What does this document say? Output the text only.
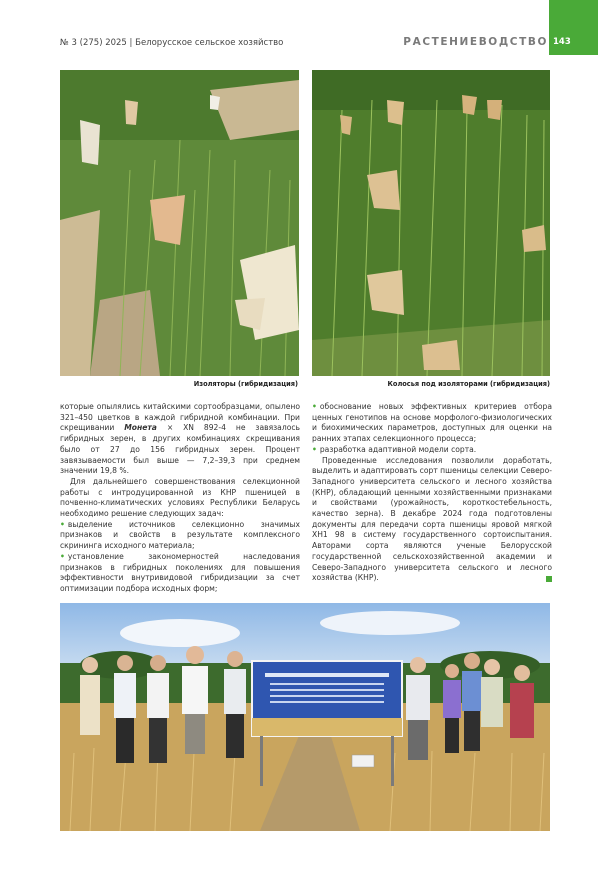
№ 3 (275) 2025 | Белорусское сельское хозяйство	РАСТЕНИЕВОДСТВО 143
Изоляторы (гибридизация)	Колосья под изоляторами (гибридизация)

которые опылялись китайскими сортообразцами, опылено 321–450 цветков в каждой гибридной комбинации. При скрещивании Монета × XN 892-4 не завязалось гибридных зерен, в других комбинациях скрещивания было от 27 до 156 гибридных зерен. Процент завязываемости был выше — 7,2–39,3 при среднем значении 19,8 %.

Для дальнейшего совершенствования селекционной работы с интродуцированной из КНР пшеницей в почвенно-климатических условиях Республики Беларусь необходимо решение следующих задач:

• выделение источников селекционно значимых признаков и свойств в результате комплексного скрининга исходного материала;

• установление закономерностей наследования признаков в гибридных поколениях для повышения эффективности внутривидовой гибридизации за счет оптимизации подбора исходных форм;

• обоснование новых эффективных критериев отбора ценных генотипов на основе морфолого-физиологических и биохимических параметров, доступных для оценки на ранних этапах селекционного процесса;

• разработка адаптивной модели сорта.

Проведенные исследования позволили доработать, выделить и адаптировать сорт пшеницы селекции Северо-Западного университета сельского и лесного хозяйства (КНР), обладающий ценными хозяйственными признаками и свойствами (урожайность, короткостебельность, качество зерна). В декабре 2024 года подготовлены документы для передачи сорта пшеницы яровой мягкой XH1 98 в систему государственного сортоиспытания. Авторами сорта являются ученые Белорусской государственной сельскохозяйственной академии и Северо-Западного университета сельского и лесного хозяйства (КНР).
